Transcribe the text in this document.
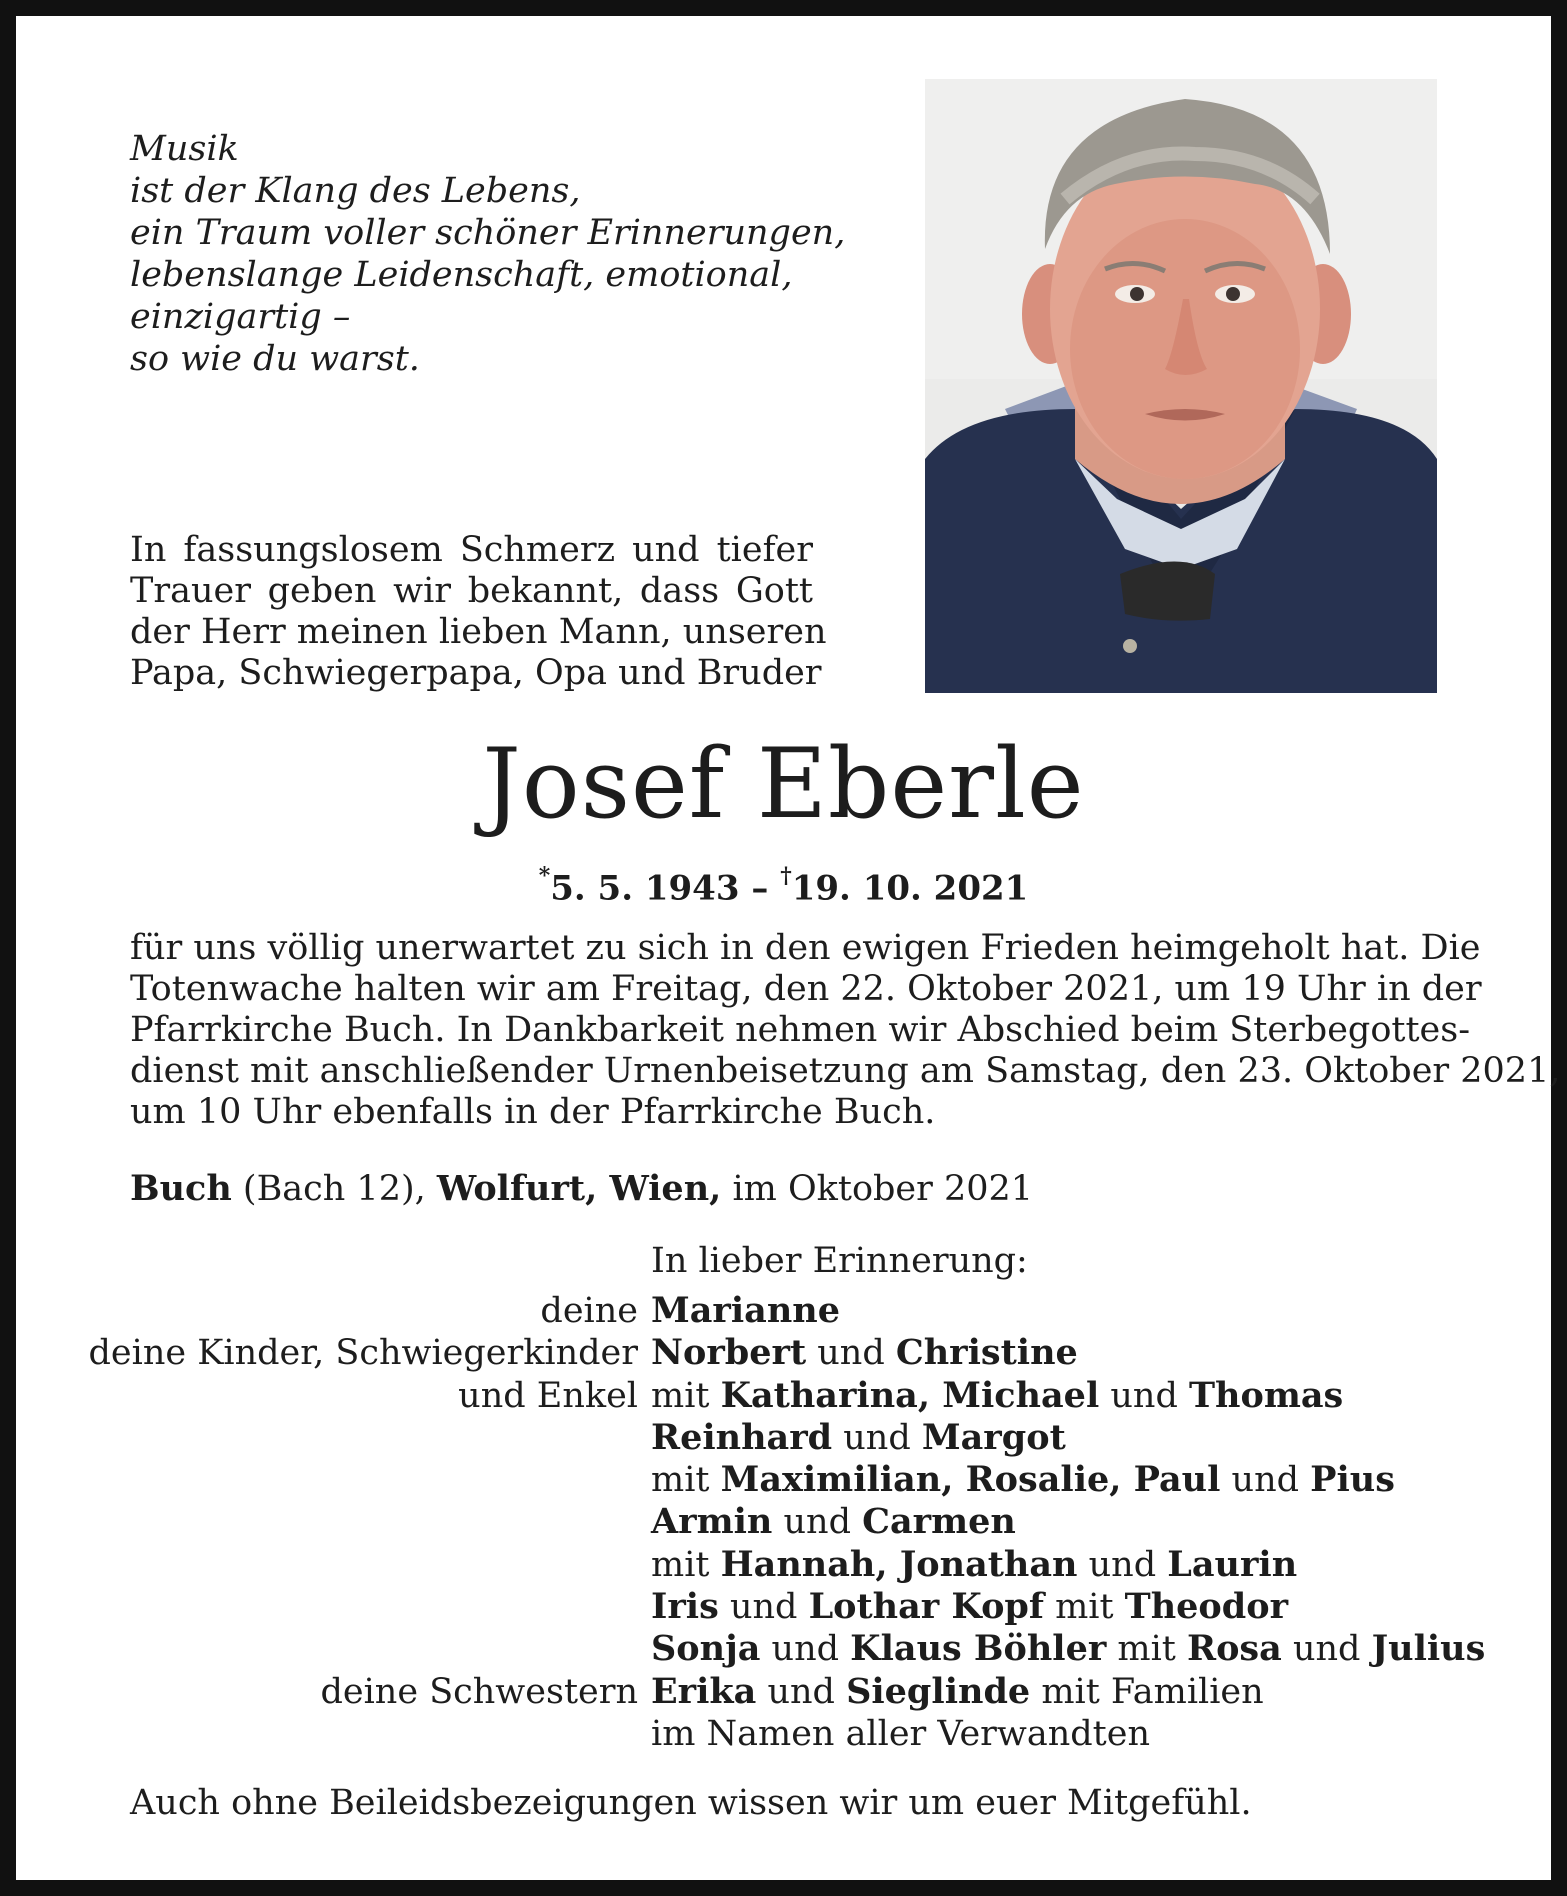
Musik
ist der Klang des Lebens,
ein Traum voller schöner Erinnerungen,
lebenslange Leidenschaft, emotional,
einzigartig –
so wie du warst.
In fassungslosem Schmerz und tiefer
Trauer geben wir bekannt, dass Gott
der Herr meinen lieben Mann, unseren
Papa, Schwiegerpapa, Opa und Bruder
Josef Eberle
*5. 5. 1943 – †19. 10. 2021
für uns völlig unerwartet zu sich in den ewigen Frieden heimgeholt hat. Die
Totenwache halten wir am Freitag, den 22. Oktober 2021, um 19 Uhr in der
Pfarrkirche Buch. In Dankbarkeit nehmen wir Abschied beim Sterbegottes-
dienst mit anschließender Urnenbeisetzung am Samstag, den 23. Oktober 2021,
um 10 Uhr ebenfalls in der Pfarrkirche Buch.
Buch (Bach 12), Wolfurt, Wien, im Oktober 2021
In lieber Erinnerung:
deine Marianne
deine Kinder, Schwiegerkinder Norbert und Christine
und Enkel mit Katharina, Michael und Thomas
Reinhard und Margot
mit Maximilian, Rosalie, Paul und Pius
Armin und Carmen
mit Hannah, Jonathan und Laurin
Iris und Lothar Kopf mit Theodor
Sonja und Klaus Böhler mit Rosa und Julius
deine Schwestern Erika und Sieglinde mit Familien
im Namen aller Verwandten
Auch ohne Beileidsbezeigungen wissen wir um euer Mitgefühl.
